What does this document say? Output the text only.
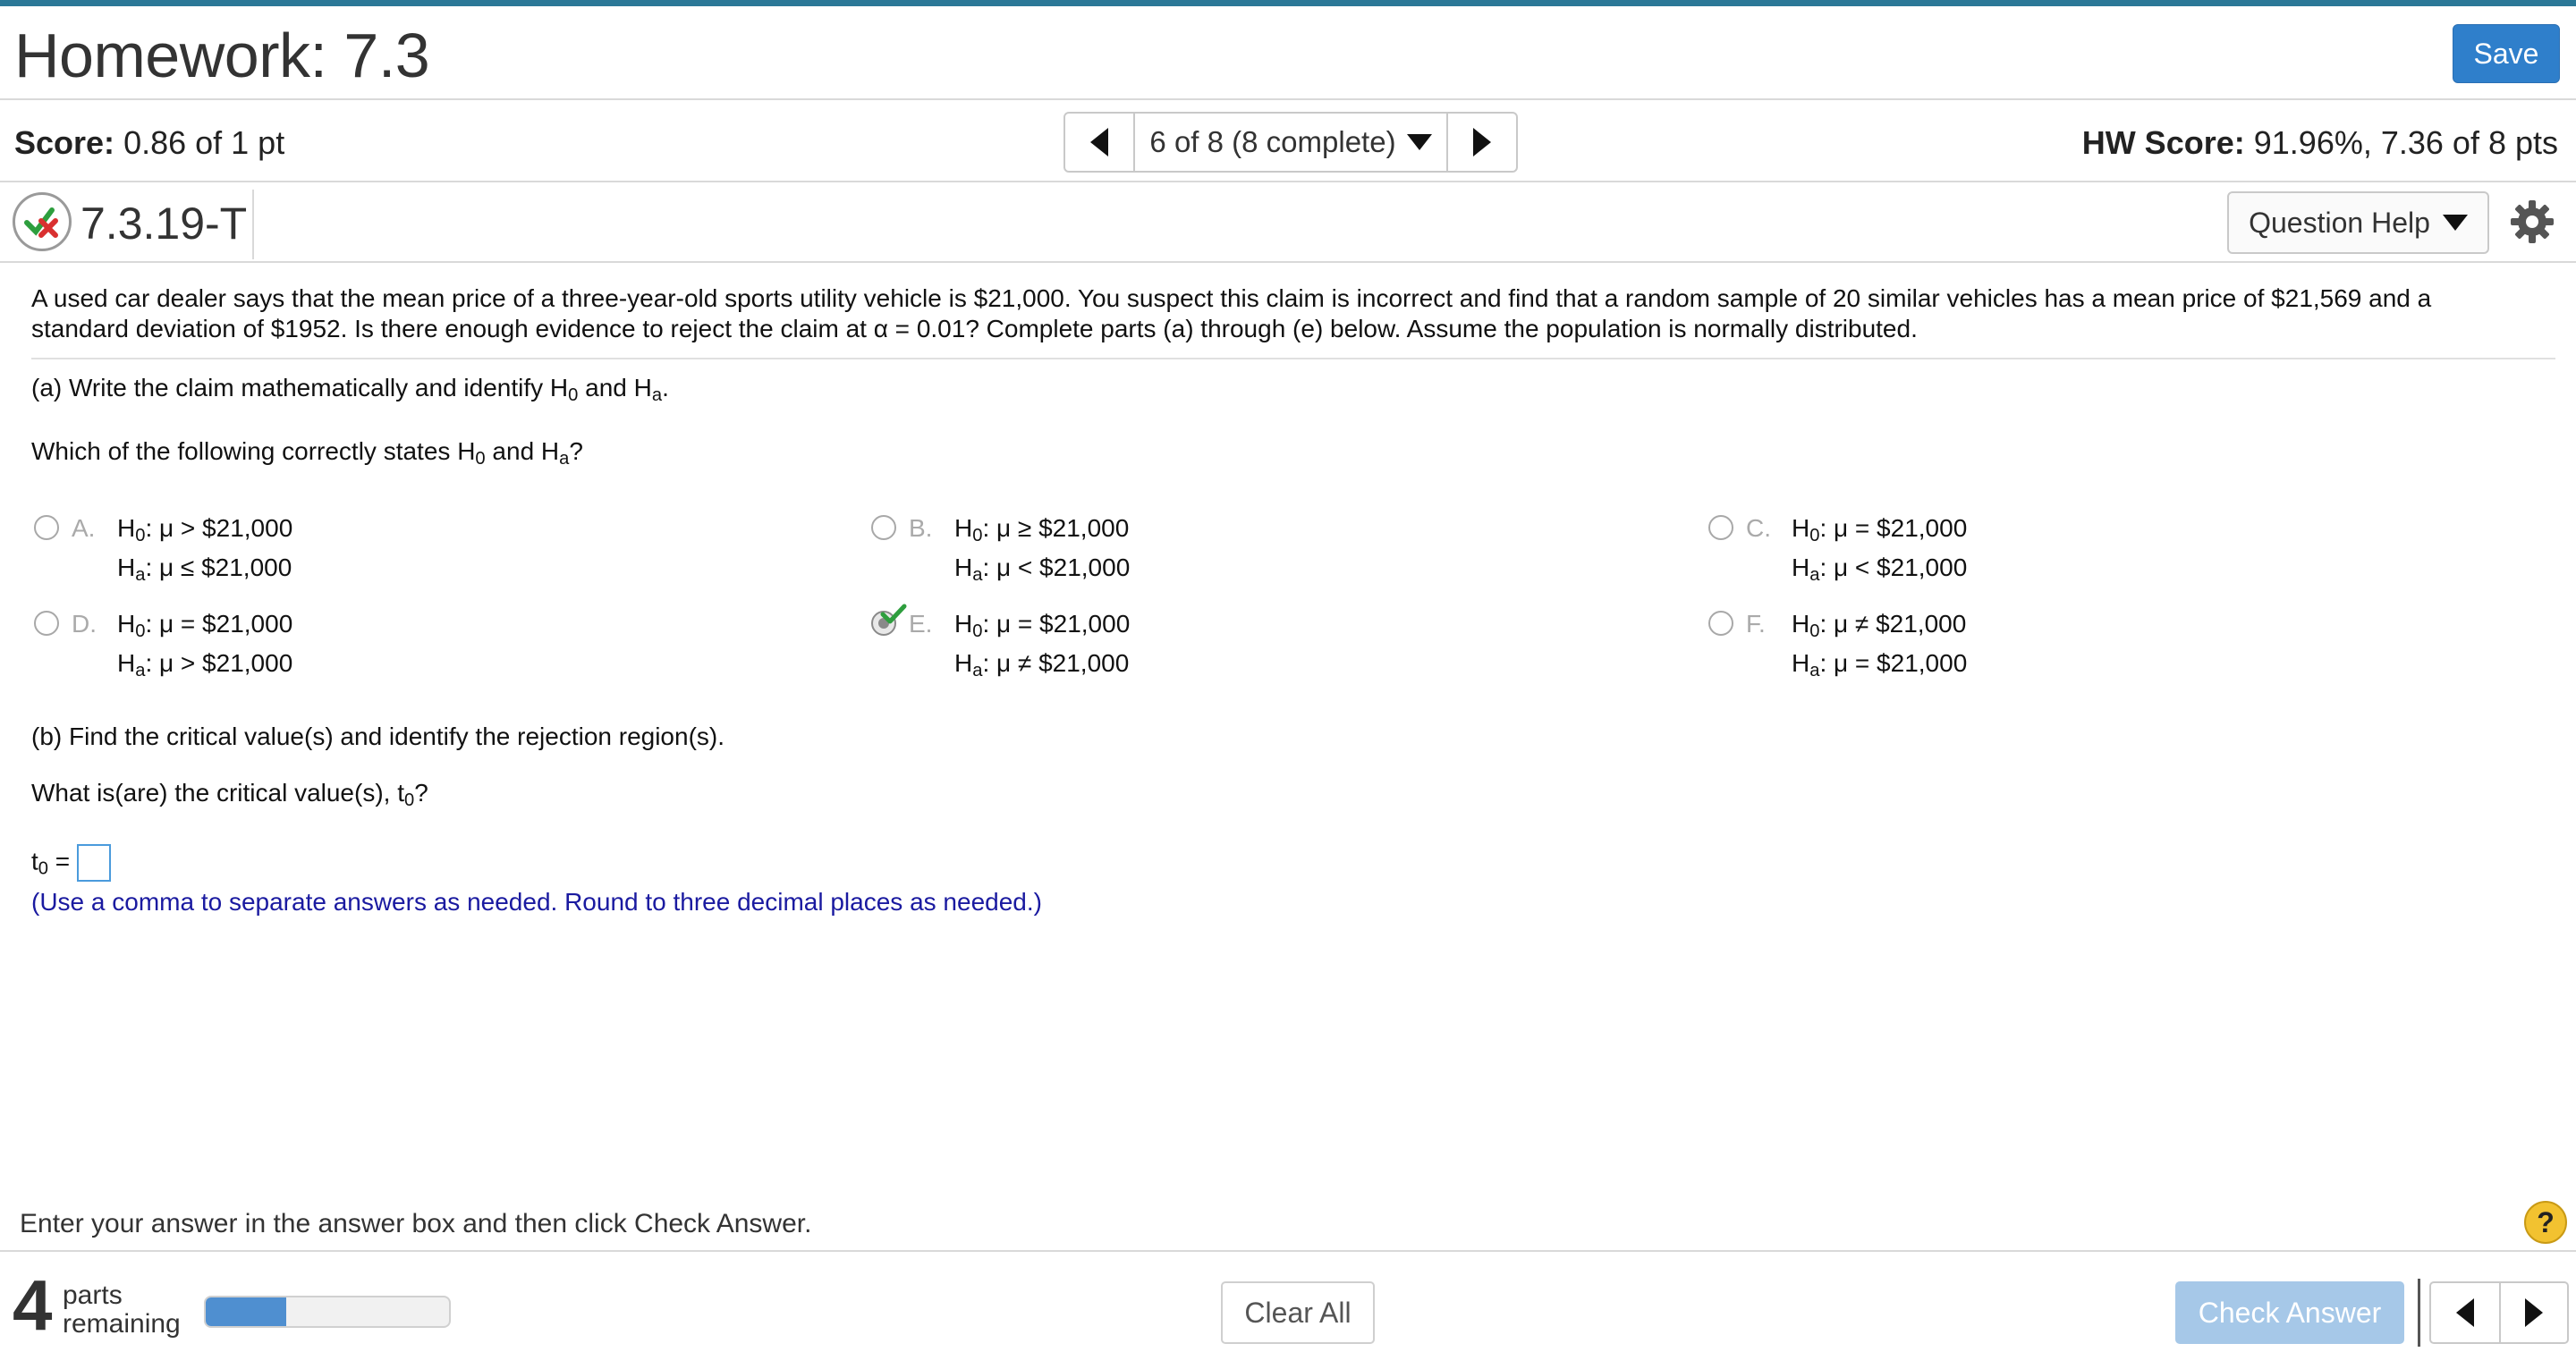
Homework: 7.3	Save
Score: 0.86 of 1 pt	6 of 8 (8 complete)	HW Score: 91.96%, 7.36 of 8 pts
7.3.19-T	Question Help
A used car dealer says that the mean price of a three-year-old sports utility vehicle is $21,000. You suspect this claim is incorrect and find that a random sample of 20 similar vehicles has a mean price of $21,569 and a standard deviation of $1952. Is there enough evidence to reject the claim at α = 0.01? Complete parts (a) through (e) below. Assume the population is normally distributed.
(a) Write the claim mathematically and identify $H_0$ and $H_a$.
Which of the following correctly states $H_0$ and $H_a$?
A. $H_0$: μ > $21,000
$H_a$: μ ≤ $21,000
B. $H_0$: μ ≥ $21,000
$H_a$: μ < $21,000
C. $H_0$: μ = $21,000
$H_a$: μ < $21,000
D. $H_0$: μ = $21,000
$H_a$: μ > $21,000
E. $H_0$: μ = $21,000
$H_a$: μ ≠ $21,000
F. $H_0$: μ ≠ $21,000
$H_a$: μ = $21,000
(b) Find the critical value(s) and identify the rejection region(s).
What is(are) the critical value(s), $t_0$?
$t_0$ =
(Use a comma to separate answers as needed. Round to three decimal places as needed.)
Enter your answer in the answer box and then click Check Answer.	?
4 parts
remaining	Clear All	Check Answer
